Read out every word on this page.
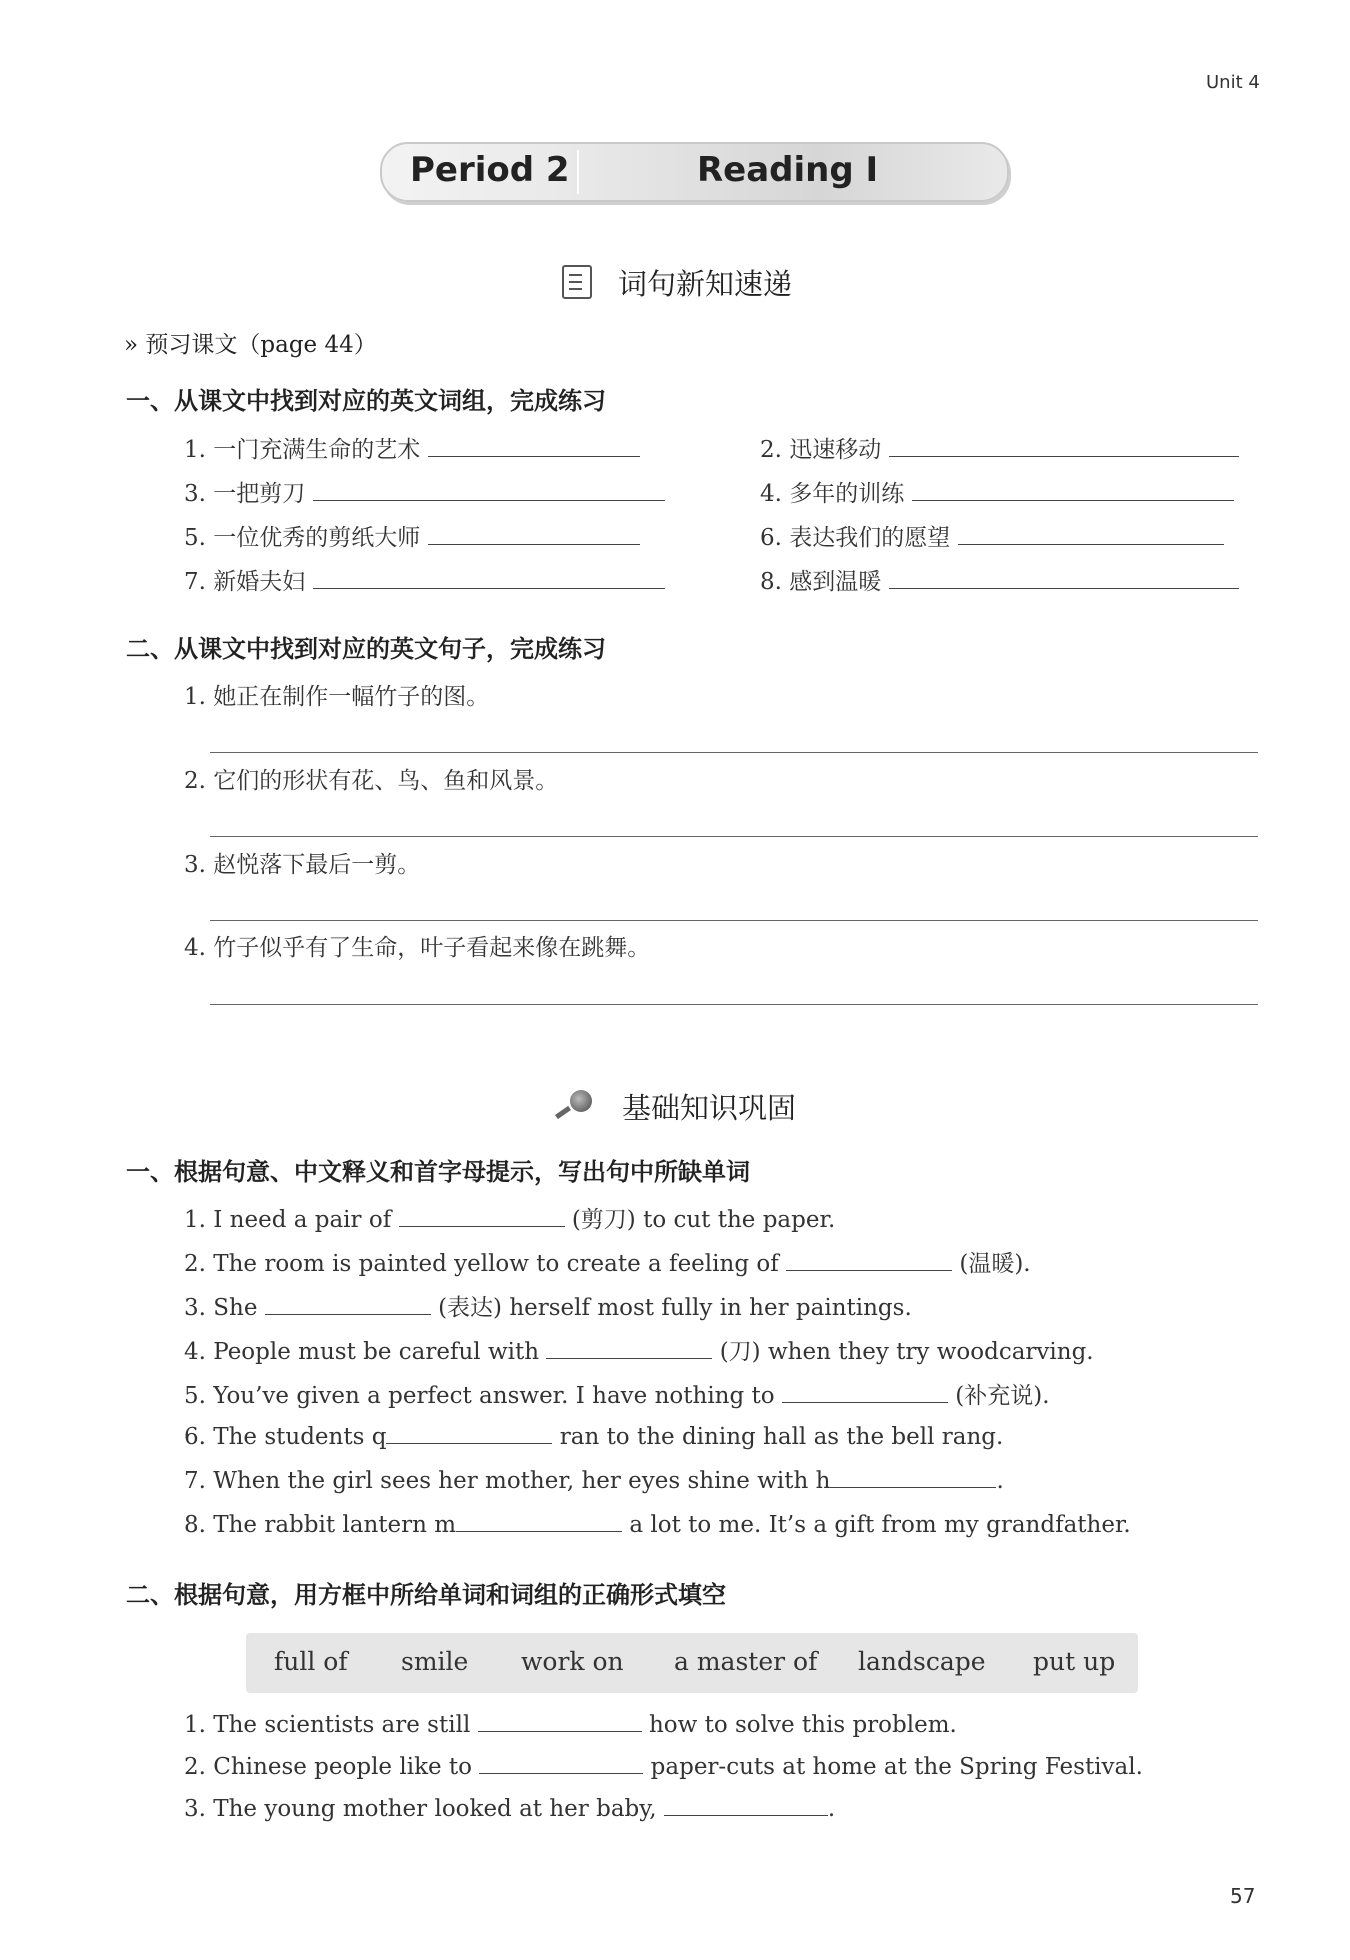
Unit 4
Period 2	Reading I
词句新知速递
» 预习课文（page 44）
一、从课文中找到对应的英文词组，完成练习
1. 一门充满生命的艺术	2. 迅速移动
3. 一把剪刀	4. 多年的训练
5. 一位优秀的剪纸大师	6. 表达我们的愿望
7. 新婚夫妇	8. 感到温暖
二、从课文中找到对应的英文句子，完成练习
1. 她正在制作一幅竹子的图。
2. 它们的形状有花、鸟、鱼和风景。
3. 赵悦落下最后一剪。
4. 竹子似乎有了生命，叶子看起来像在跳舞。
基础知识巩固
一、根据句意、中文释义和首字母提示，写出句中所缺单词
1. I need a pair of	(剪刀) to cut the paper.
2. The room is painted yellow to create a feeling of	(温暖).
3. She	(表达) herself most fully in her paintings.
4. People must be careful with	(刀) when they try woodcarving.
5. You’ve given a perfect answer. I have nothing to	(补充说).
6. The students q	ran to the dining hall as the bell rang.
7. When the girl sees her mother, her eyes shine with h	.
8. The rabbit lantern m	a lot to me. It’s a gift from my grandfather.
二、根据句意，用方框中所给单词和词组的正确形式填空
full of smile work on a master of landscape put up
1. The scientists are still	how to solve this problem.
2. Chinese people like to	paper-cuts at home at the Spring Festival.
3. The young mother looked at her baby,	.
57
